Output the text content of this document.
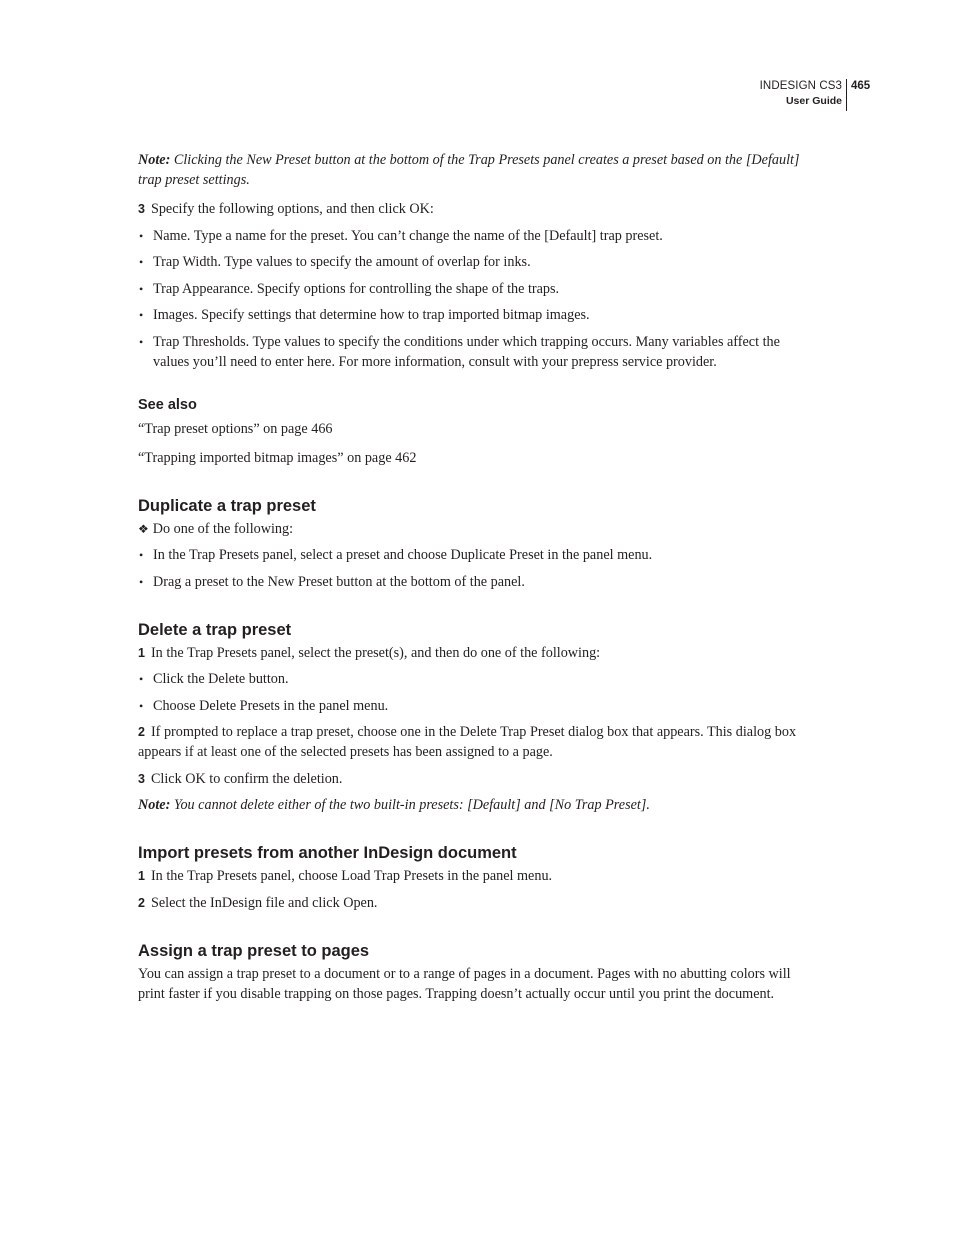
INDESIGN CS3
User Guide
465

Note: Clicking the New Preset button at the bottom of the Trap Presets panel creates a preset based on the [Default] trap preset settings.

3 Specify the following options, and then click OK:

• Name. Type a name for the preset. You can’t change the name of the [Default] trap preset.
• Trap Width. Type values to specify the amount of overlap for inks.
• Trap Appearance. Specify options for controlling the shape of the traps.
• Images. Specify settings that determine how to trap imported bitmap images.
• Trap Thresholds. Type values to specify the conditions under which trapping occurs. Many variables affect the values you’ll need to enter here. For more information, consult with your prepress service provider.
See also

“Trap preset options” on page 466

“Trapping imported bitmap images” on page 462

Duplicate a trap preset

❖ Do one of the following:

• In the Trap Presets panel, select a preset and choose Duplicate Preset in the panel menu.
• Drag a preset to the New Preset button at the bottom of the panel.
Delete a trap preset

1 In the Trap Presets panel, select the preset(s), and then do one of the following:

• Click the Delete button.
• Choose Delete Presets in the panel menu.

2 If prompted to replace a trap preset, choose one in the Delete Trap Preset dialog box that appears. This dialog box appears if at least one of the selected presets has been assigned to a page.

3 Click OK to confirm the deletion.

Note: You cannot delete either of the two built-in presets: [Default] and [No Trap Preset].

Import presets from another InDesign document

1 In the Trap Presets panel, choose Load Trap Presets in the panel menu.

2 Select the InDesign file and click Open.

Assign a trap preset to pages

You can assign a trap preset to a document or to a range of pages in a document. Pages with no abutting colors will print faster if you disable trapping on those pages. Trapping doesn’t actually occur until you print the document.
